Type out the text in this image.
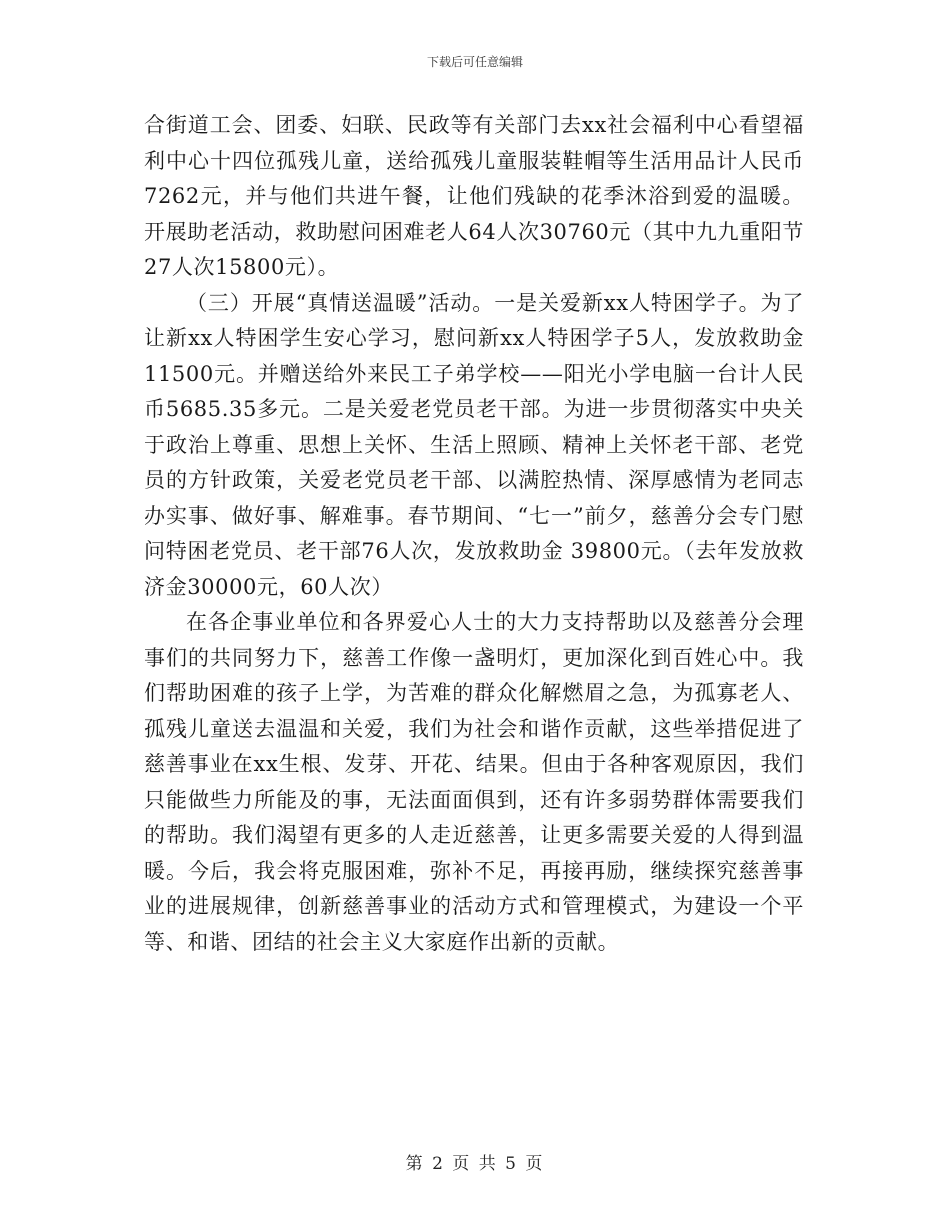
下载后可任意编辑

合街道工会、团委、妇联、民政等有关部门去xx社会福利中心看望福利中心十四位孤残儿童，送给孤残儿童服装鞋帽等生活用品计人民币7262元，并与他们共进午餐，让他们残缺的花季沐浴到爱的温暖。开展助老活动，救助慰问困难老人64人次30760元（其中九九重阳节27人次15800元）。

（三）开展“真情送温暖”活动。一是关爱新xx人特困学子。为了让新xx人特困学生安心学习，慰问新xx人特困学子5人，发放救助金11500元。并赠送给外来民工子弟学校——阳光小学电脑一台计人民币5685.35多元。二是关爱老党员老干部。为进一步贯彻落实中央关于政治上尊重、思想上关怀、生活上照顾、精神上关怀老干部、老党员的方针政策，关爱老党员老干部、以满腔热情、深厚感情为老同志办实事、做好事、解难事。春节期间、“七一”前夕，慈善分会专门慰问特困老党员、老干部76人次，发放救助金 39800元。（去年发放救济金30000元，60人次）

在各企事业单位和各界爱心人士的大力支持帮助以及慈善分会理事们的共同努力下，慈善工作像一盏明灯，更加深化到百姓心中。我们帮助困难的孩子上学，为苦难的群众化解燃眉之急，为孤寡老人、孤残儿童送去温温和关爱，我们为社会和谐作贡献，这些举措促进了慈善事业在xx生根、发芽、开花、结果。但由于各种客观原因，我们只能做些力所能及的事，无法面面俱到，还有许多弱势群体需要我们的帮助。我们渴望有更多的人走近慈善，让更多需要关爱的人得到温暖。今后，我会将克服困难，弥补不足，再接再励，继续探究慈善事业的进展规律，创新慈善事业的活动方式和管理模式，为建设一个平等、和谐、团结的社会主义大家庭作出新的贡献。

第 2 页 共 5 页
